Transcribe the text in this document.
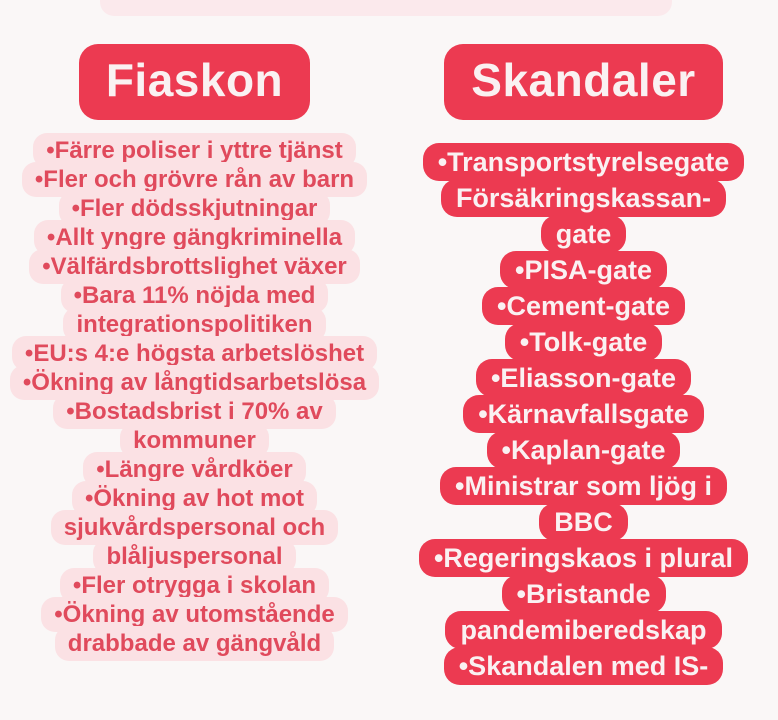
Fiaskon

•Färre poliser i yttre tjänst
•Fler och grövre rån av barn
•Fler dödsskjutningar
•Allt yngre gängkriminella
•Välfärdsbrottslighet växer
•Bara 11% nöjda med
integrationspolitiken
•EU:s 4:e högsta arbetslöshet
•Ökning av långtidsarbetslösa
•Bostadsbrist i 70% av
kommuner
•Längre vårdköer
•Ökning av hot mot
sjukvårdspersonal och
blåljuspersonal
•Fler otrygga i skolan
•Ökning av utomstående
drabbade av gängvåld

Skandaler

•Transportstyrelsegate
Försäkringskassan-
gate
•PISA-gate
•Cement-gate
•Tolk-gate
•Eliasson-gate
•Kärnavfallsgate
•Kaplan-gate
•Ministrar som ljög i
BBC
•Regeringskaos i plural
•Bristande
pandemiberedskap
•Skandalen med IS-
